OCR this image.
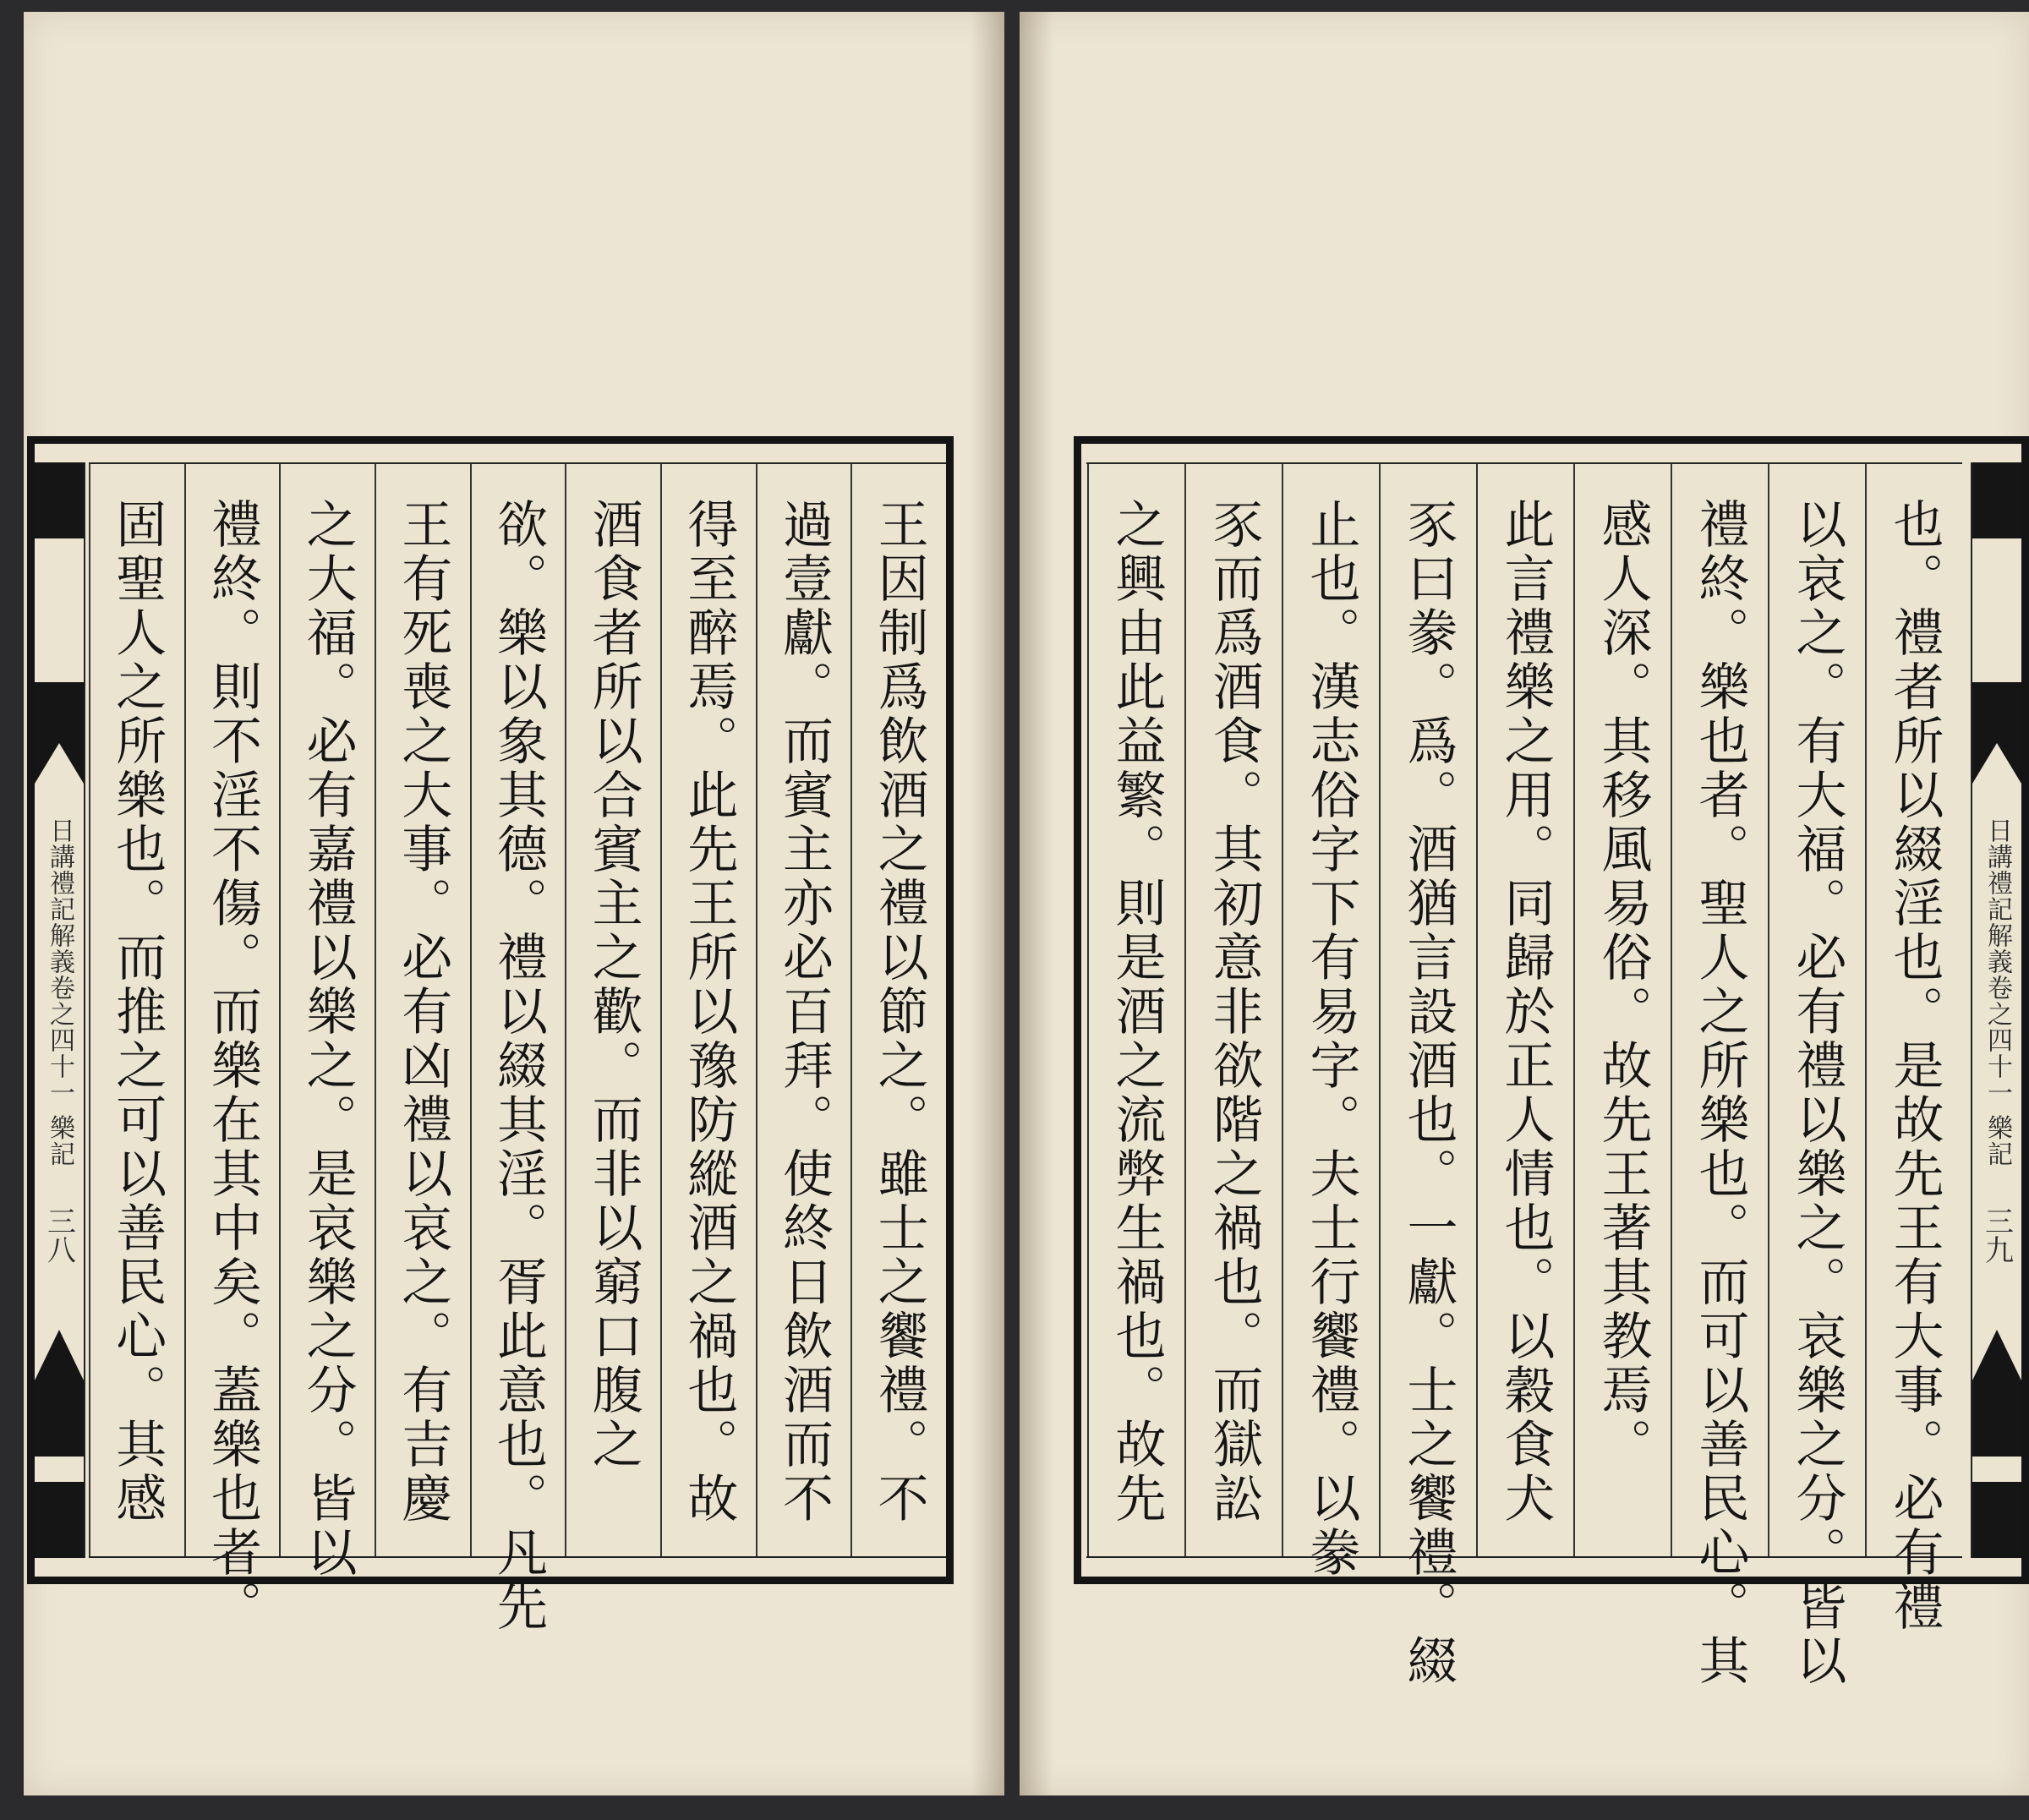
日講禮記解義卷之四十一 樂記
三八	王因制爲飲酒之禮以節之。雖士之饗禮。不
過壹獻。而賓主亦必百拜。使終日飲酒而不
得至醉焉。此先王所以豫防縱酒之禍也。故
酒食者所以合賓主之歡。而非以窮口腹之
欲。樂以象其德。禮以綴其淫。胥此意也。凡先
王有死喪之大事。必有凶禮以哀之。有吉慶
之大福。必有嘉禮以樂之。是哀樂之分。皆以
禮終。則不淫不傷。而樂在其中矣。蓋樂也者。
固聖人之所樂也。而推之可以善民心。其感	也。禮者所以綴淫也。是故先王有大事。必有禮
以哀之。有大福。必有禮以樂之。哀樂之分。皆以
禮終。樂也者。聖人之所樂也。而可以善民心。其
感人深。其移風易俗。故先王著其教焉。
此言禮樂之用。同歸於正人情也。以穀食犬
豕曰豢。爲。酒猶言設酒也。一獻。士之饗禮。綴
止也。漢志俗字下有易字。夫士行饗禮。以豢
豕而爲酒食。其初意非欲階之禍也。而獄訟
之興由此益繁。則是酒之流弊生禍也。故先	日講禮記解義卷之四十一 樂記
三九
